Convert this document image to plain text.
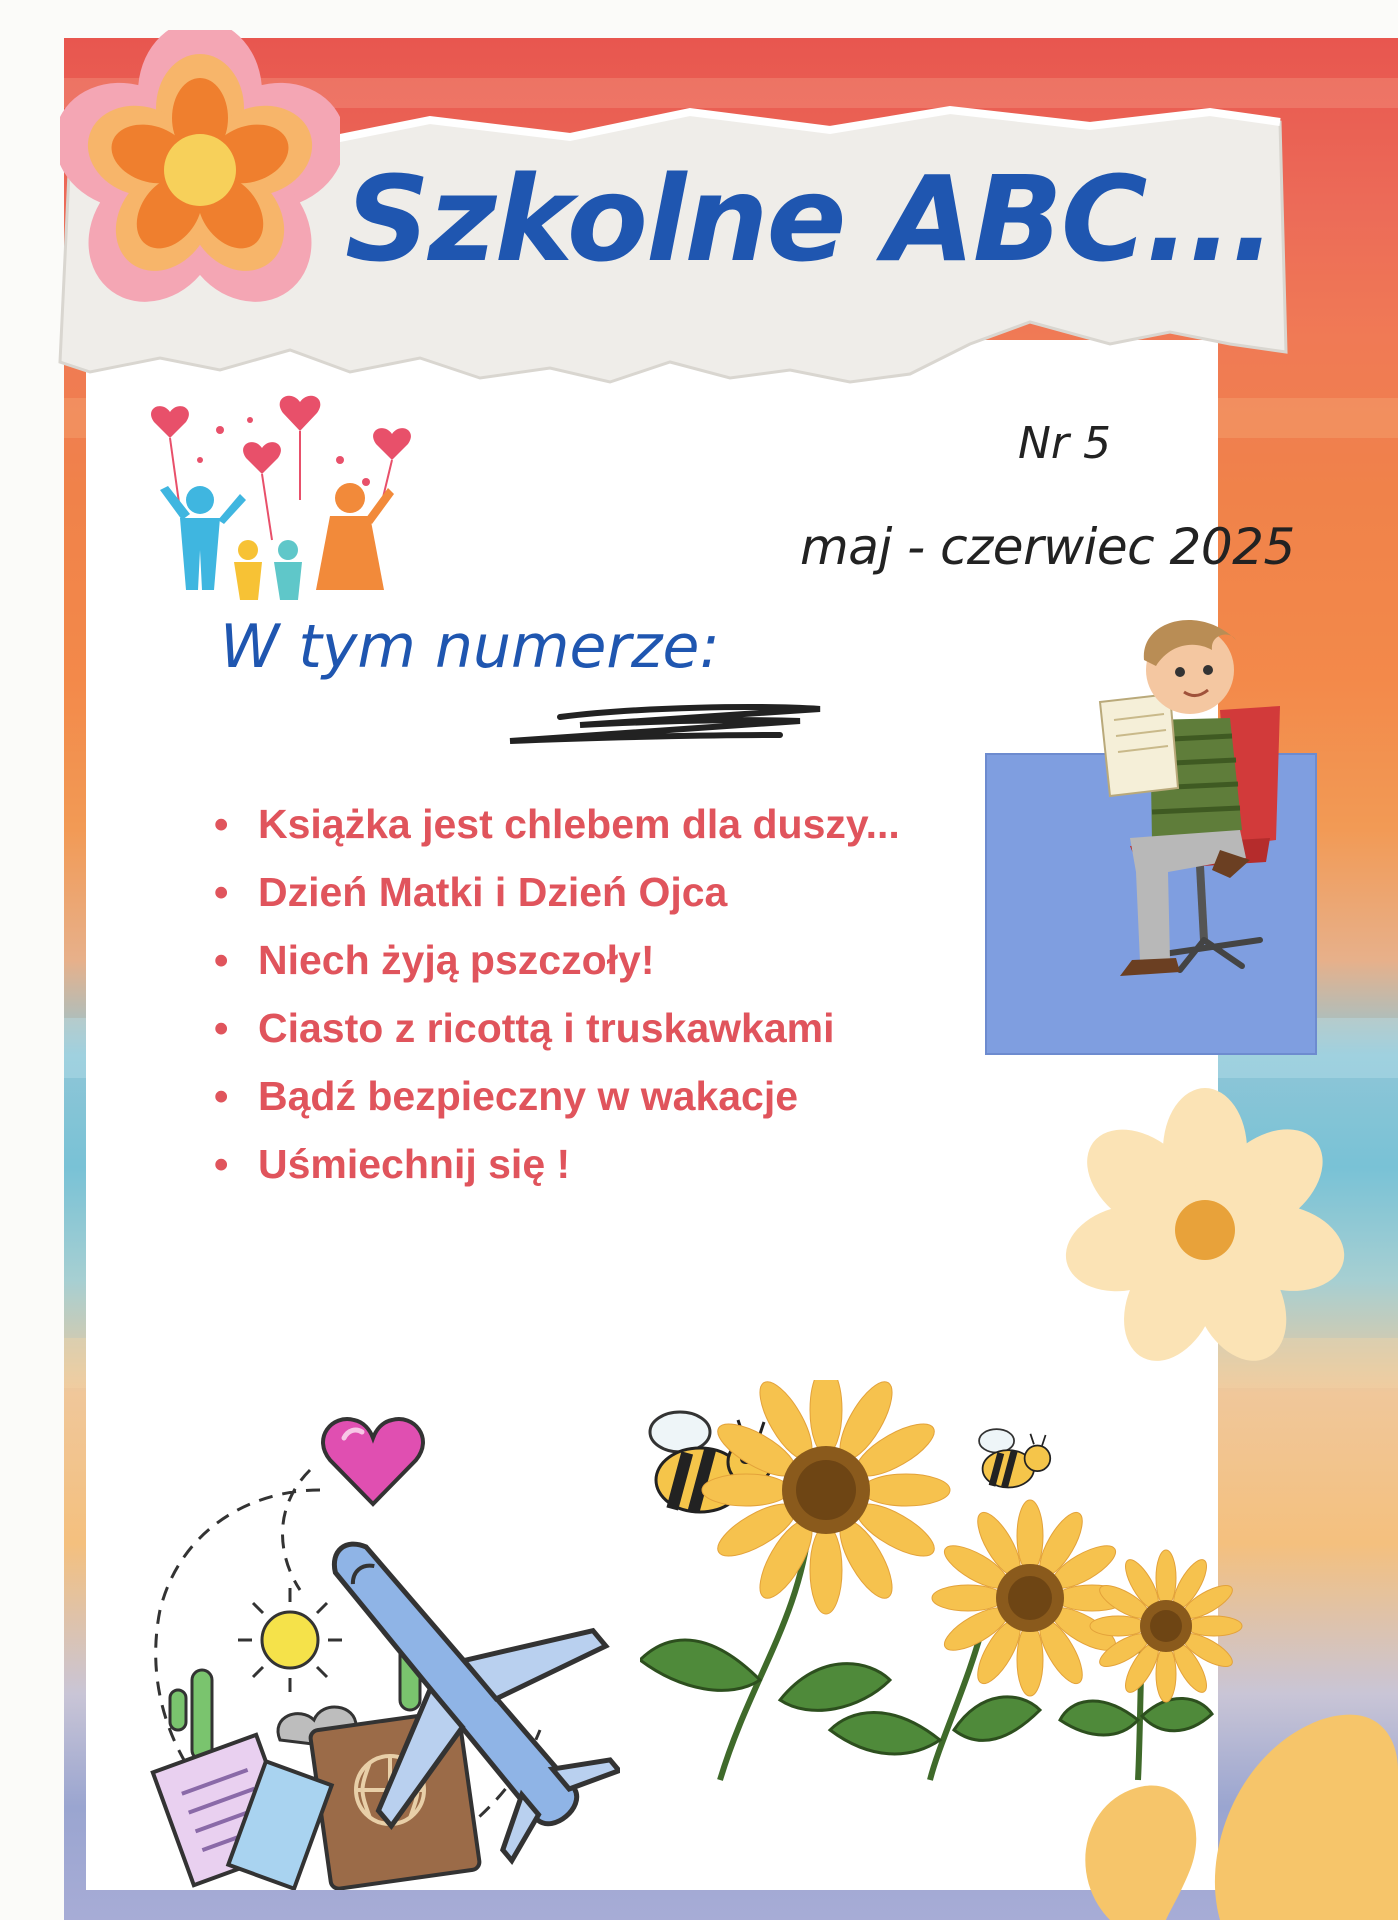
Szkolne ABC...
Nr 5
maj - czerwiec 2025
W tym numerze:
• Książka jest chlebem dla duszy...
• Dzień Matki i Dzień Ojca
• Niech żyją pszczoły!
• Ciasto z ricottą i truskawkami
• Bądź bezpieczny w wakacje
• Uśmiechnij się !
